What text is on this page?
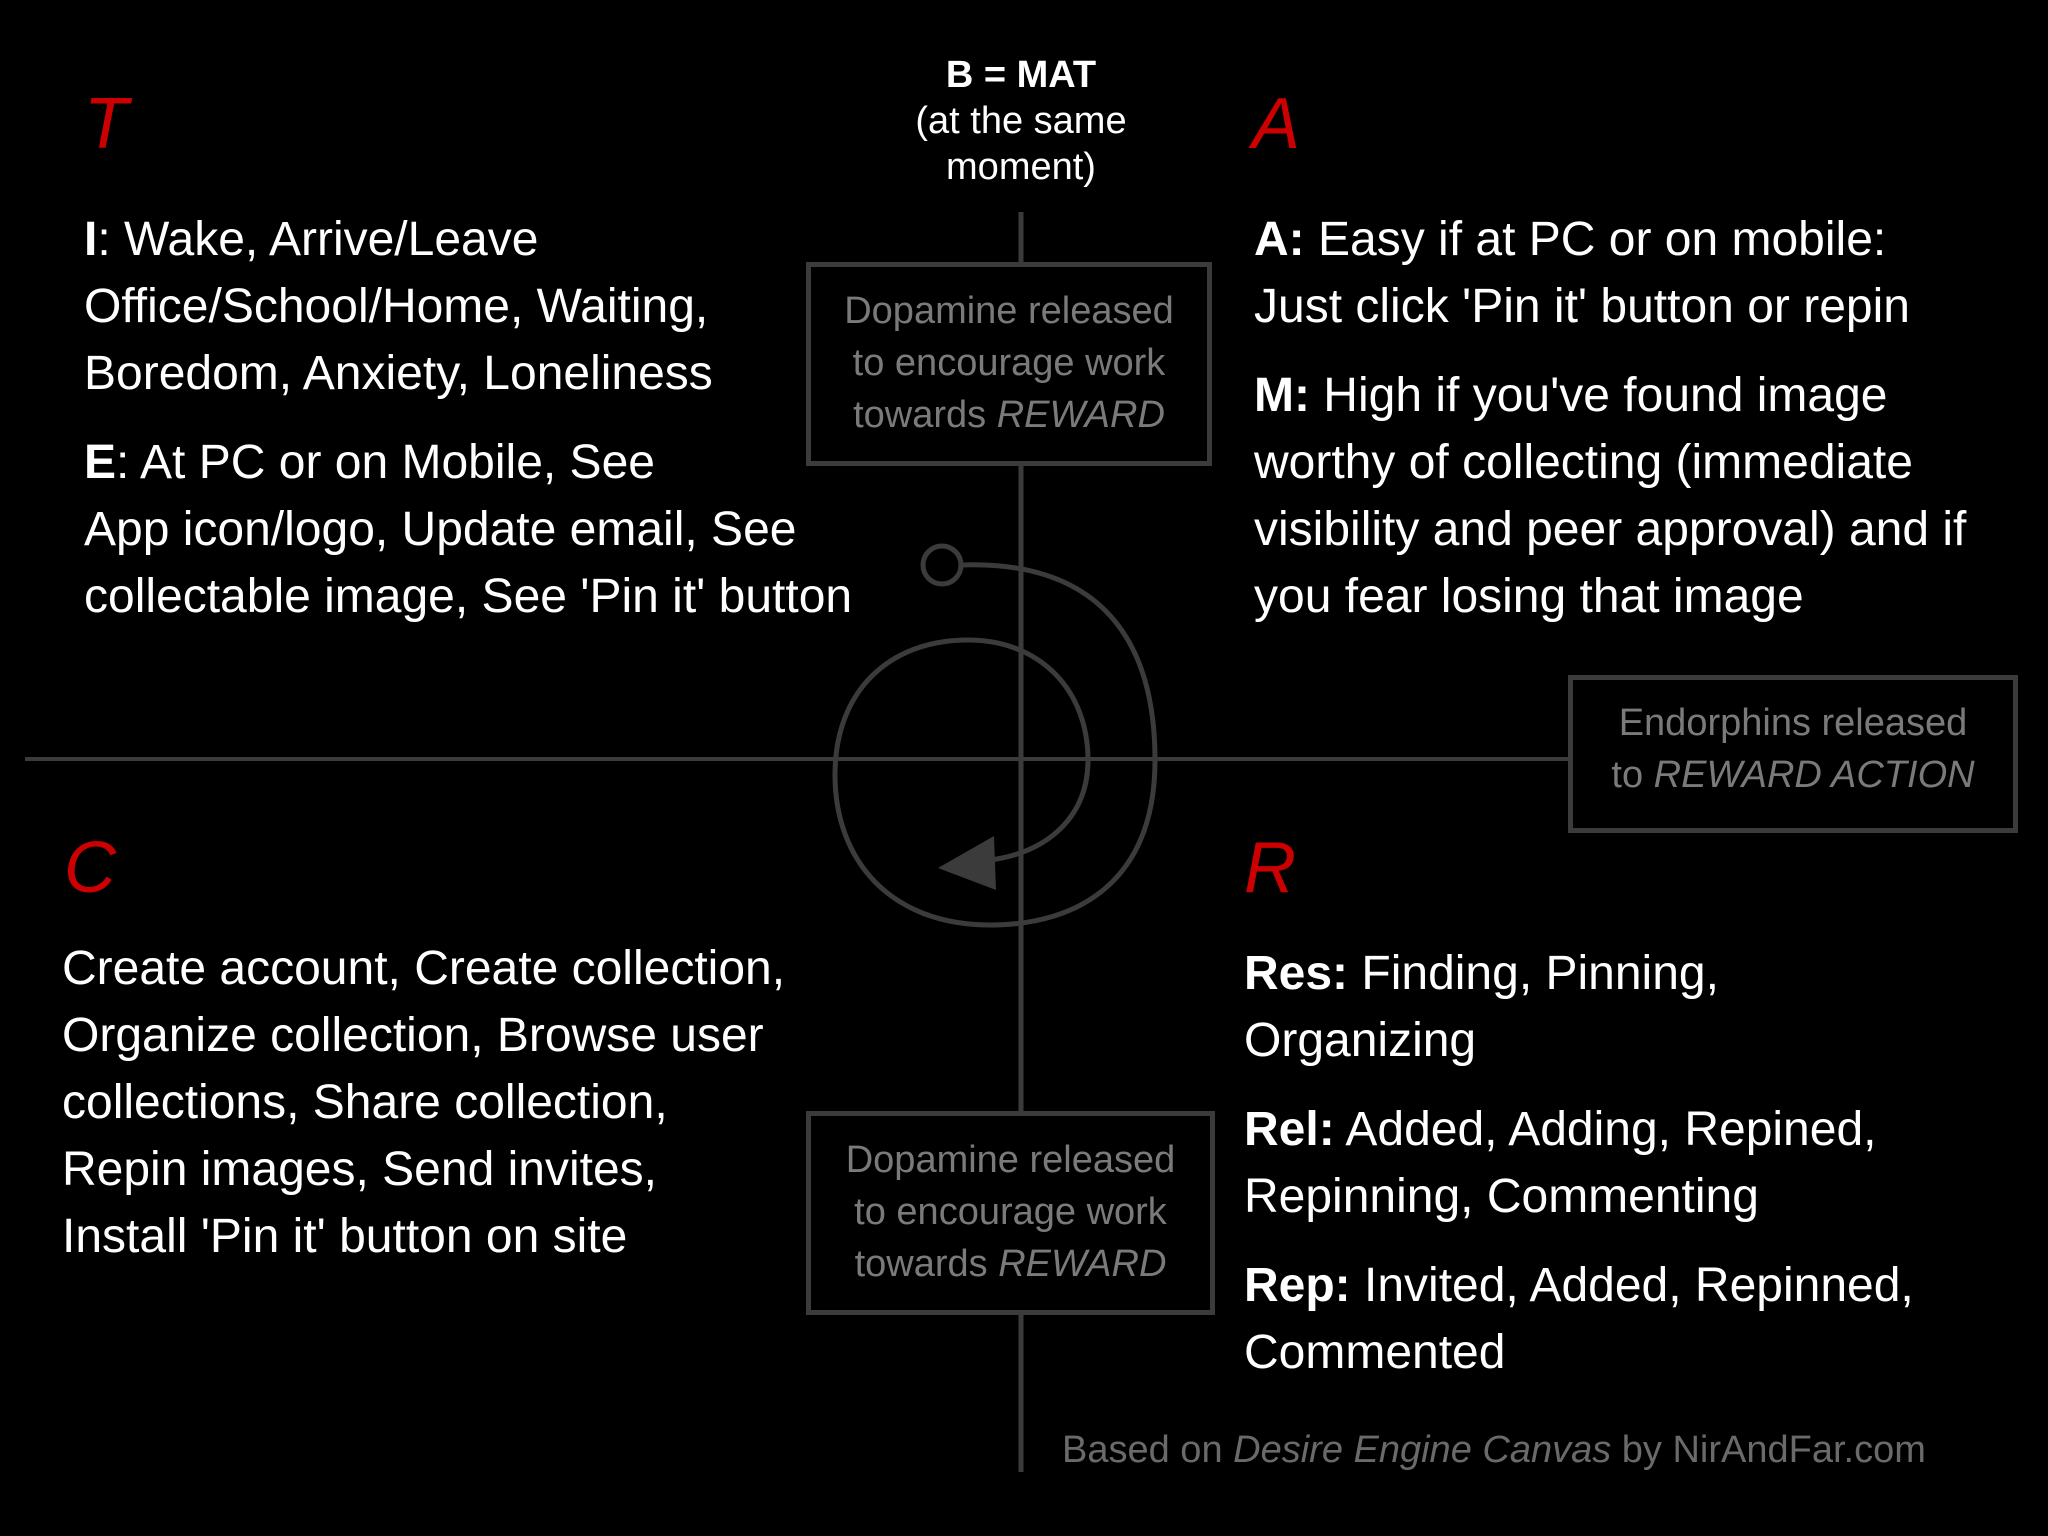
B = MAT
(at the same
moment)
T	A
C	R

I: Wake, Arrive/Leave
Office/School/Home, Waiting,
Boredom, Anxiety, Loneliness

E: At PC or on Mobile, See
App icon/logo, Update email, See
collectable image, See 'Pin it' button

A: Easy if at PC or on mobile:
Just click 'Pin it' button or repin

M: High if you've found image
worthy of collecting (immediate
visibility and peer approval) and if
you fear losing that image

Create account, Create collection,
Organize collection, Browse user
collections, Share collection,
Repin images, Send invites,
Install 'Pin it' button on site

Res: Finding, Pinning,
Organizing

Rel: Added, Adding, Repined,
Repinning, Commenting

Rep: Invited, Added, Repinned,
Commented

Dopamine released
to encourage work
towards REWARD
Endorphins released
to REWARD ACTION
Dopamine released
to encourage work
towards REWARD
Based on Desire Engine Canvas by NirAndFar.com
